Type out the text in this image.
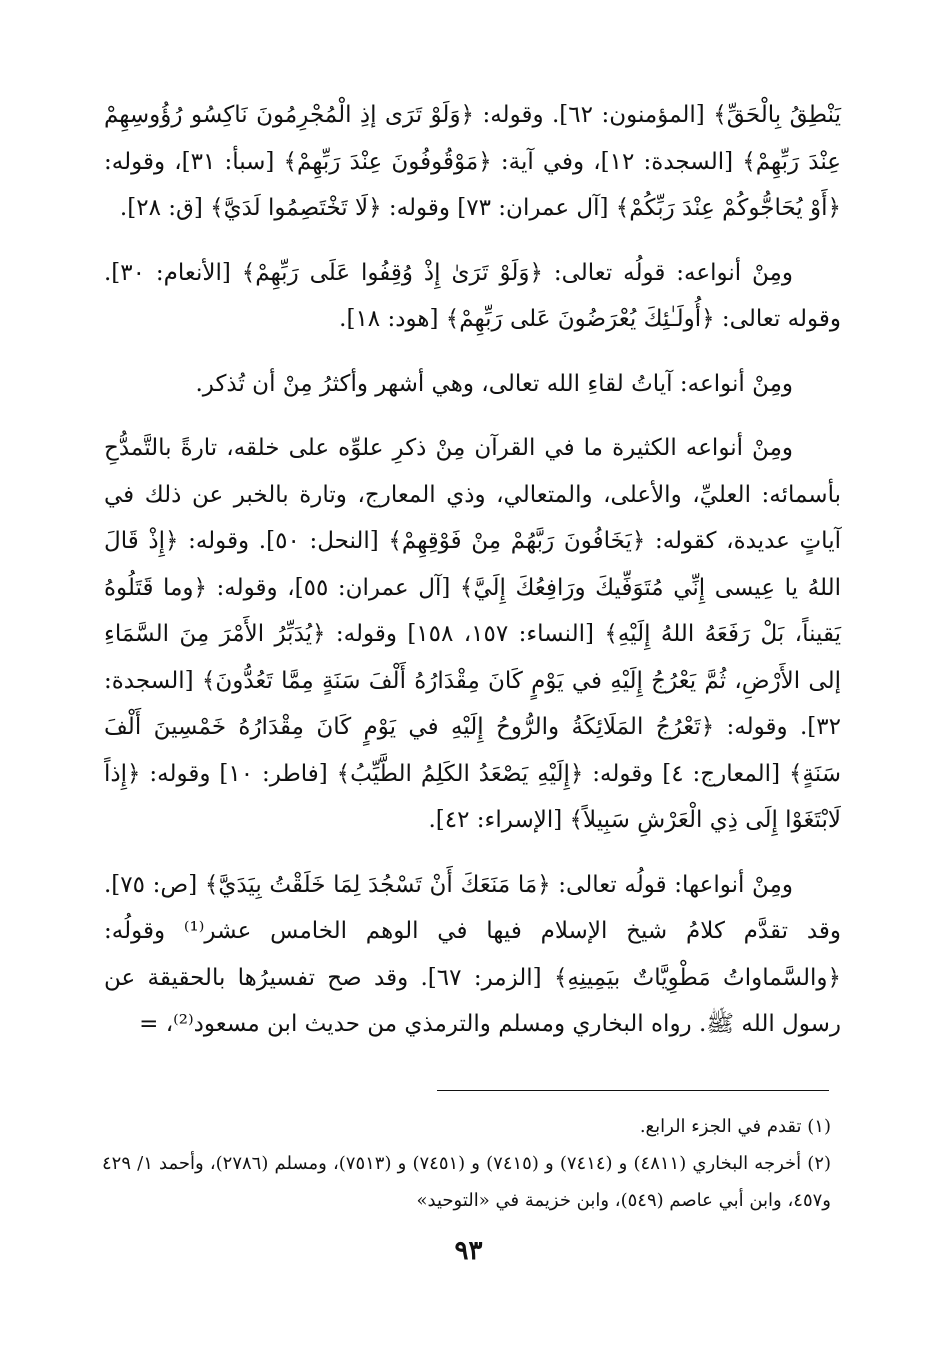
يَنْطِقُ بِالْحَقِّ﴾ [المؤمنون: ٦٢]. وقوله: ﴿وَلَوْ تَرَى إذِ الْمُجْرِمُونَ نَاكِسُو رُؤُوسِهِمْ عِنْدَ رَبِّهِمْ﴾ [السجدة: ١٢]، وفي آية: ﴿مَوْقُوفُونَ عِنْدَ رَبِّهِمْ﴾ [سبأ: ٣١]، وقوله: ﴿أَوْ يُحَاجُّوكُمْ عِنْدَ رَبِّكُمْ﴾ [آل عمران: ٧٣] وقوله: ﴿لَا تَخْتَصِمُوا لَدَيَّ﴾ [ق: ٢٨].

ومِنْ أنواعه: قولُه تعالى: ﴿وَلَوْ تَرَىٰ إِذْ وُقِفُوا عَلَى رَبِّهِمْ﴾ [الأنعام: ٣٠]. وقوله تعالى: ﴿أُولَـٰئِكَ يُعْرَضُونَ عَلى رَبِّهِمْ﴾ [هود: ١٨].

ومِنْ أنواعه: آياتُ لقاءِ الله تعالى، وهي أشهر وأكثرُ مِنْ أن تُذكر.

ومِنْ أنواعه الكثيرة ما في القرآن مِنْ ذكرِ علوِّه على خلقه، تارةً بالتَّمدُّحِ بأسمائه: العليِّ، والأعلى، والمتعالي، وذي المعارج، وتارة بالخبر عن ذلك في آياتٍ عديدة، كقوله: ﴿يَخَافُونَ رَبَّهُمْ مِنْ فَوْقِهِمْ﴾ [النحل: ٥٠]. وقوله: ﴿إِذْ قَالَ اللهُ يا عِيسى إِنِّي مُتَوَفِّيكَ ورَافِعُكَ إِلَيَّ﴾ [آل عمران: ٥٥]، وقوله: ﴿وما قَتَلُوهُ يَقيناً، بَلْ رَفَعَهُ اللهُ إِلَيْهِ﴾ [النساء: ١٥٧، ١٥٨] وقوله: ﴿يُدَبِّرُ الأَمْرَ مِنَ السَّمَاءِ إلى الأَرْضِ، ثُمَّ يَعْرُجُ إِلَيْهِ في يَوْمٍ كَانَ مِقْدَارُهُ أَلْفَ سَنَةٍ مِمَّا تَعُدُّونَ﴾ [السجدة: ٣٢]. وقوله: ﴿تَعْرُجُ المَلَائِكَةُ والرُّوحُ إِلَيْهِ في يَوْمٍ كَانَ مِقْدَارُهُ خَمْسِينَ أَلْفَ سَنَةٍ﴾ [المعارج: ٤] وقوله: ﴿إِلَيْهِ يَصْعَدُ الكَلِمُ الطَّيِّبُ﴾ [فاطر: ١٠] وقوله: ﴿إِذاً لَابْتَغَوْا إِلَى ذِي الْعَرْشِ سَبِيلاً﴾ [الإسراء: ٤٢].

ومِنْ أنواعها: قولُه تعالى: ﴿مَا مَنَعَكَ أَنْ تَسْجُدَ لِمَا خَلَقْتُ بِيَدَيَّ﴾ [ص: ٧٥]. وقد تقدَّم كلامُ شيخ الإسلام فيها في الوهم الخامس عشر⁽¹⁾ وقولُه: ﴿والسَّماواتُ مَطْوِيَّاتٌ بيَمِينِهِ﴾ [الزمر: ٦٧]. وقد صح تفسيرُها بالحقيقة عن رسول الله ﷺ. رواه البخاري ومسلم والترمذي من حديث ابن مسعود⁽²⁾، =

(١) تقدم في الجزء الرابع.

(٢) أخرجه البخاري (٤٨١١) و (٧٤١٤) و (٧٤١٥) و (٧٤٥١) و (٧٥١٣)، ومسلم (٢٧٨٦)، وأحمد ١/ ٤٢٩ و٤٥٧، وابن أبي عاصم (٥٤٩)، وابن خزيمة في «التوحيد»

٩٣
